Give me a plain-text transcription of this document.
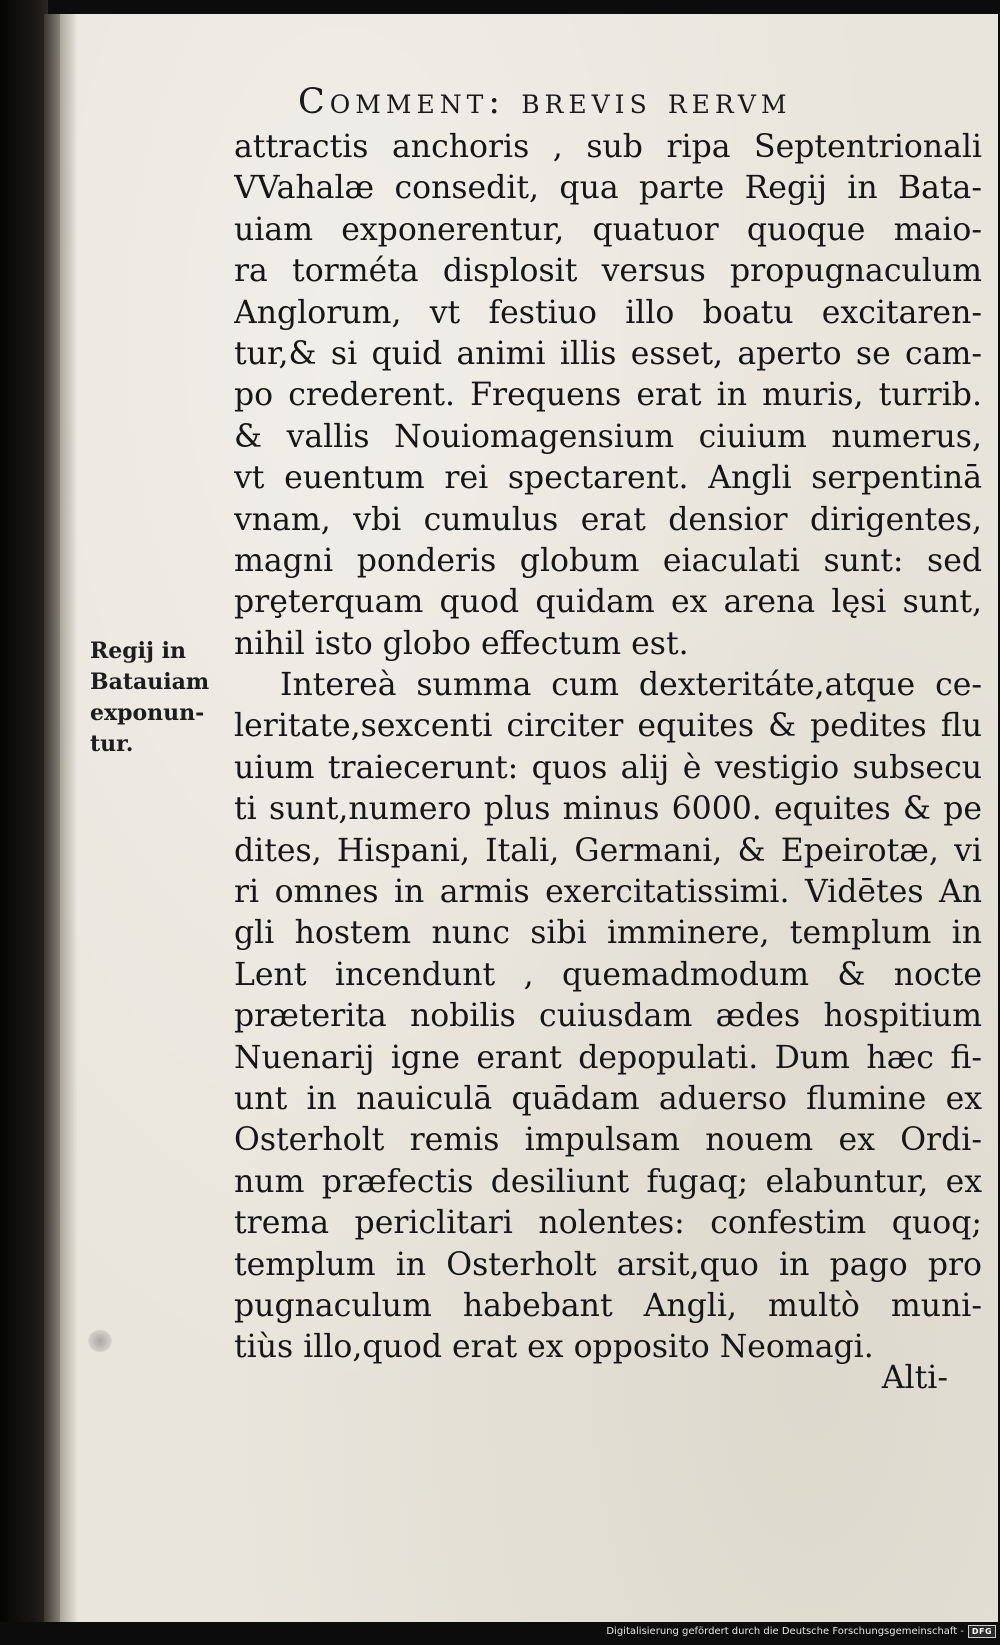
Comment: brevis rervm
Regij in
Batauiam
exponun-
tur.
attractis anchoris , sub ripa Septentrionali
VVahalæ consedit, qua parte Regij in Bata-
uiam exponerentur, quatuor quoque maio-
ra torméta displosit versus propugnaculum
Anglorum, vt festiuo illo boatu excitaren-
tur,& si quid animi illis esset, aperto se cam-
po crederent. Frequens erat in muris, turrib.
& vallis Nouiomagensium ciuium numerus,
vt euentum rei spectarent. Angli serpentinā
vnam, vbi cumulus erat densior dirigentes,
magni ponderis globum eiaculati sunt: sed
prȩterquam quod quidam ex arena lęsi sunt,
nihil isto globo effectum est.
Intereà summa cum dexteritáte,atque ce-
leritate,sexcenti circiter equites & pedites flu
uium traiecerunt: quos alij è vestigio subsecu
ti sunt,numero plus minus 6000. equites & pe
dites, Hispani, Itali, Germani, & Epeirotæ, vi
ri omnes in armis exercitatissimi. Vidētes An
gli hostem nunc sibi imminere, templum in
Lent incendunt , quemadmodum & nocte
præterita nobilis cuiusdam ædes hospitium
Nuenarij igne erant depopulati. Dum hæc fi-
unt in nauiculā quādam aduerso flumine ex
Osterholt remis impulsam nouem ex Ordi-
num præfectis desiliunt fugaq; elabuntur, ex
trema periclitari nolentes: confestim quoq;
templum in Osterholt arsit,quo in pago pro
pugnaculum habebant Angli, multò muni-
tiùs illo,quod erat ex opposito Neomagi.
Alti-
Digitalisierung gefördert durch die Deutsche Forschungsgemeinschaft - DFG
